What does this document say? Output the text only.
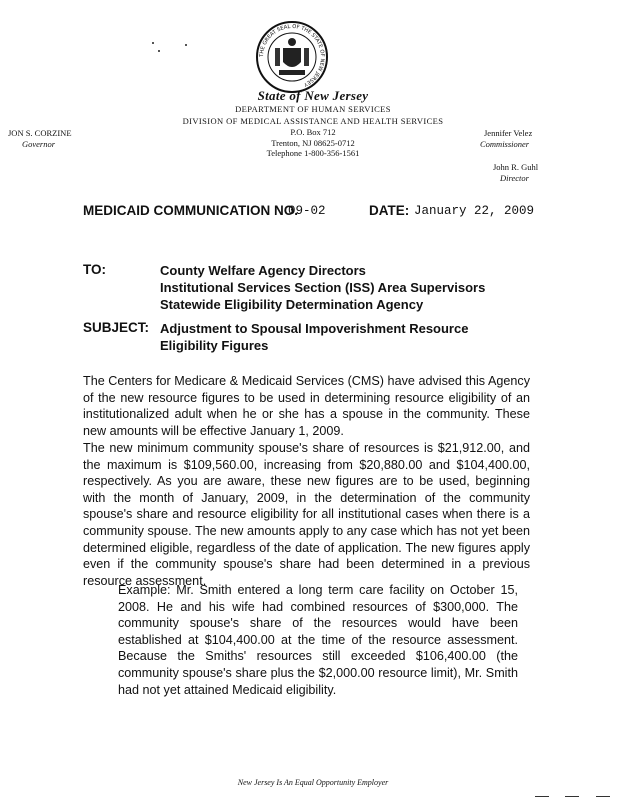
THE GREAT SEAL OF THE STATE OF NEW JERSEY
State of New Jersey
DEPARTMENT OF HUMAN SERVICES
DIVISION OF MEDICAL ASSISTANCE AND HEALTH SERVICES
P.O. Box 712
Trenton, NJ 08625-0712
Telephone 1-800-356-1561
JON S. CORZINE
Governor
Jennifer Velez
Commissioner
John R. Guhl
Director
MEDICAID COMMUNICATION NO.
09-02	DATE: January 22, 2009
TO:	County Welfare Agency Directors
Institutional Services Section (ISS) Area Supervisors
Statewide Eligibility Determination Agency
SUBJECT: Adjustment to Spousal Impoverishment Resource
Eligibility Figures
The Centers for Medicare & Medicaid Services (CMS) have advised this Agency of the new resource figures to be used in determining resource eligibility of an institutionalized adult when he or she has a spouse in the community. These new amounts will be effective January 1, 2009.
The new minimum community spouse's share of resources is $21,912.00, and the maximum is $109,560.00, increasing from $20,880.00 and $104,400.00, respectively. As you are aware, these new figures are to be used, beginning with the month of January, 2009, in the determination of the community spouse's share and resource eligibility for all institutional cases when there is a community spouse. The new amounts apply to any case which has not yet been determined eligible, regardless of the date of application. The new figures apply even if the community spouse's share had been determined in a previous resource assessment.
Example: Mr. Smith entered a long term care facility on October 15, 2008. He and his wife had combined resources of $300,000. The community spouse's share of the resources would have been established at $104,400.00 at the time of the resource assessment. Because the Smiths' resources still exceeded $106,400.00 (the community spouse's share plus the $2,000.00 resource limit), Mr. Smith had not yet attained Medicaid eligibility.
New Jersey Is An Equal Opportunity Employer
